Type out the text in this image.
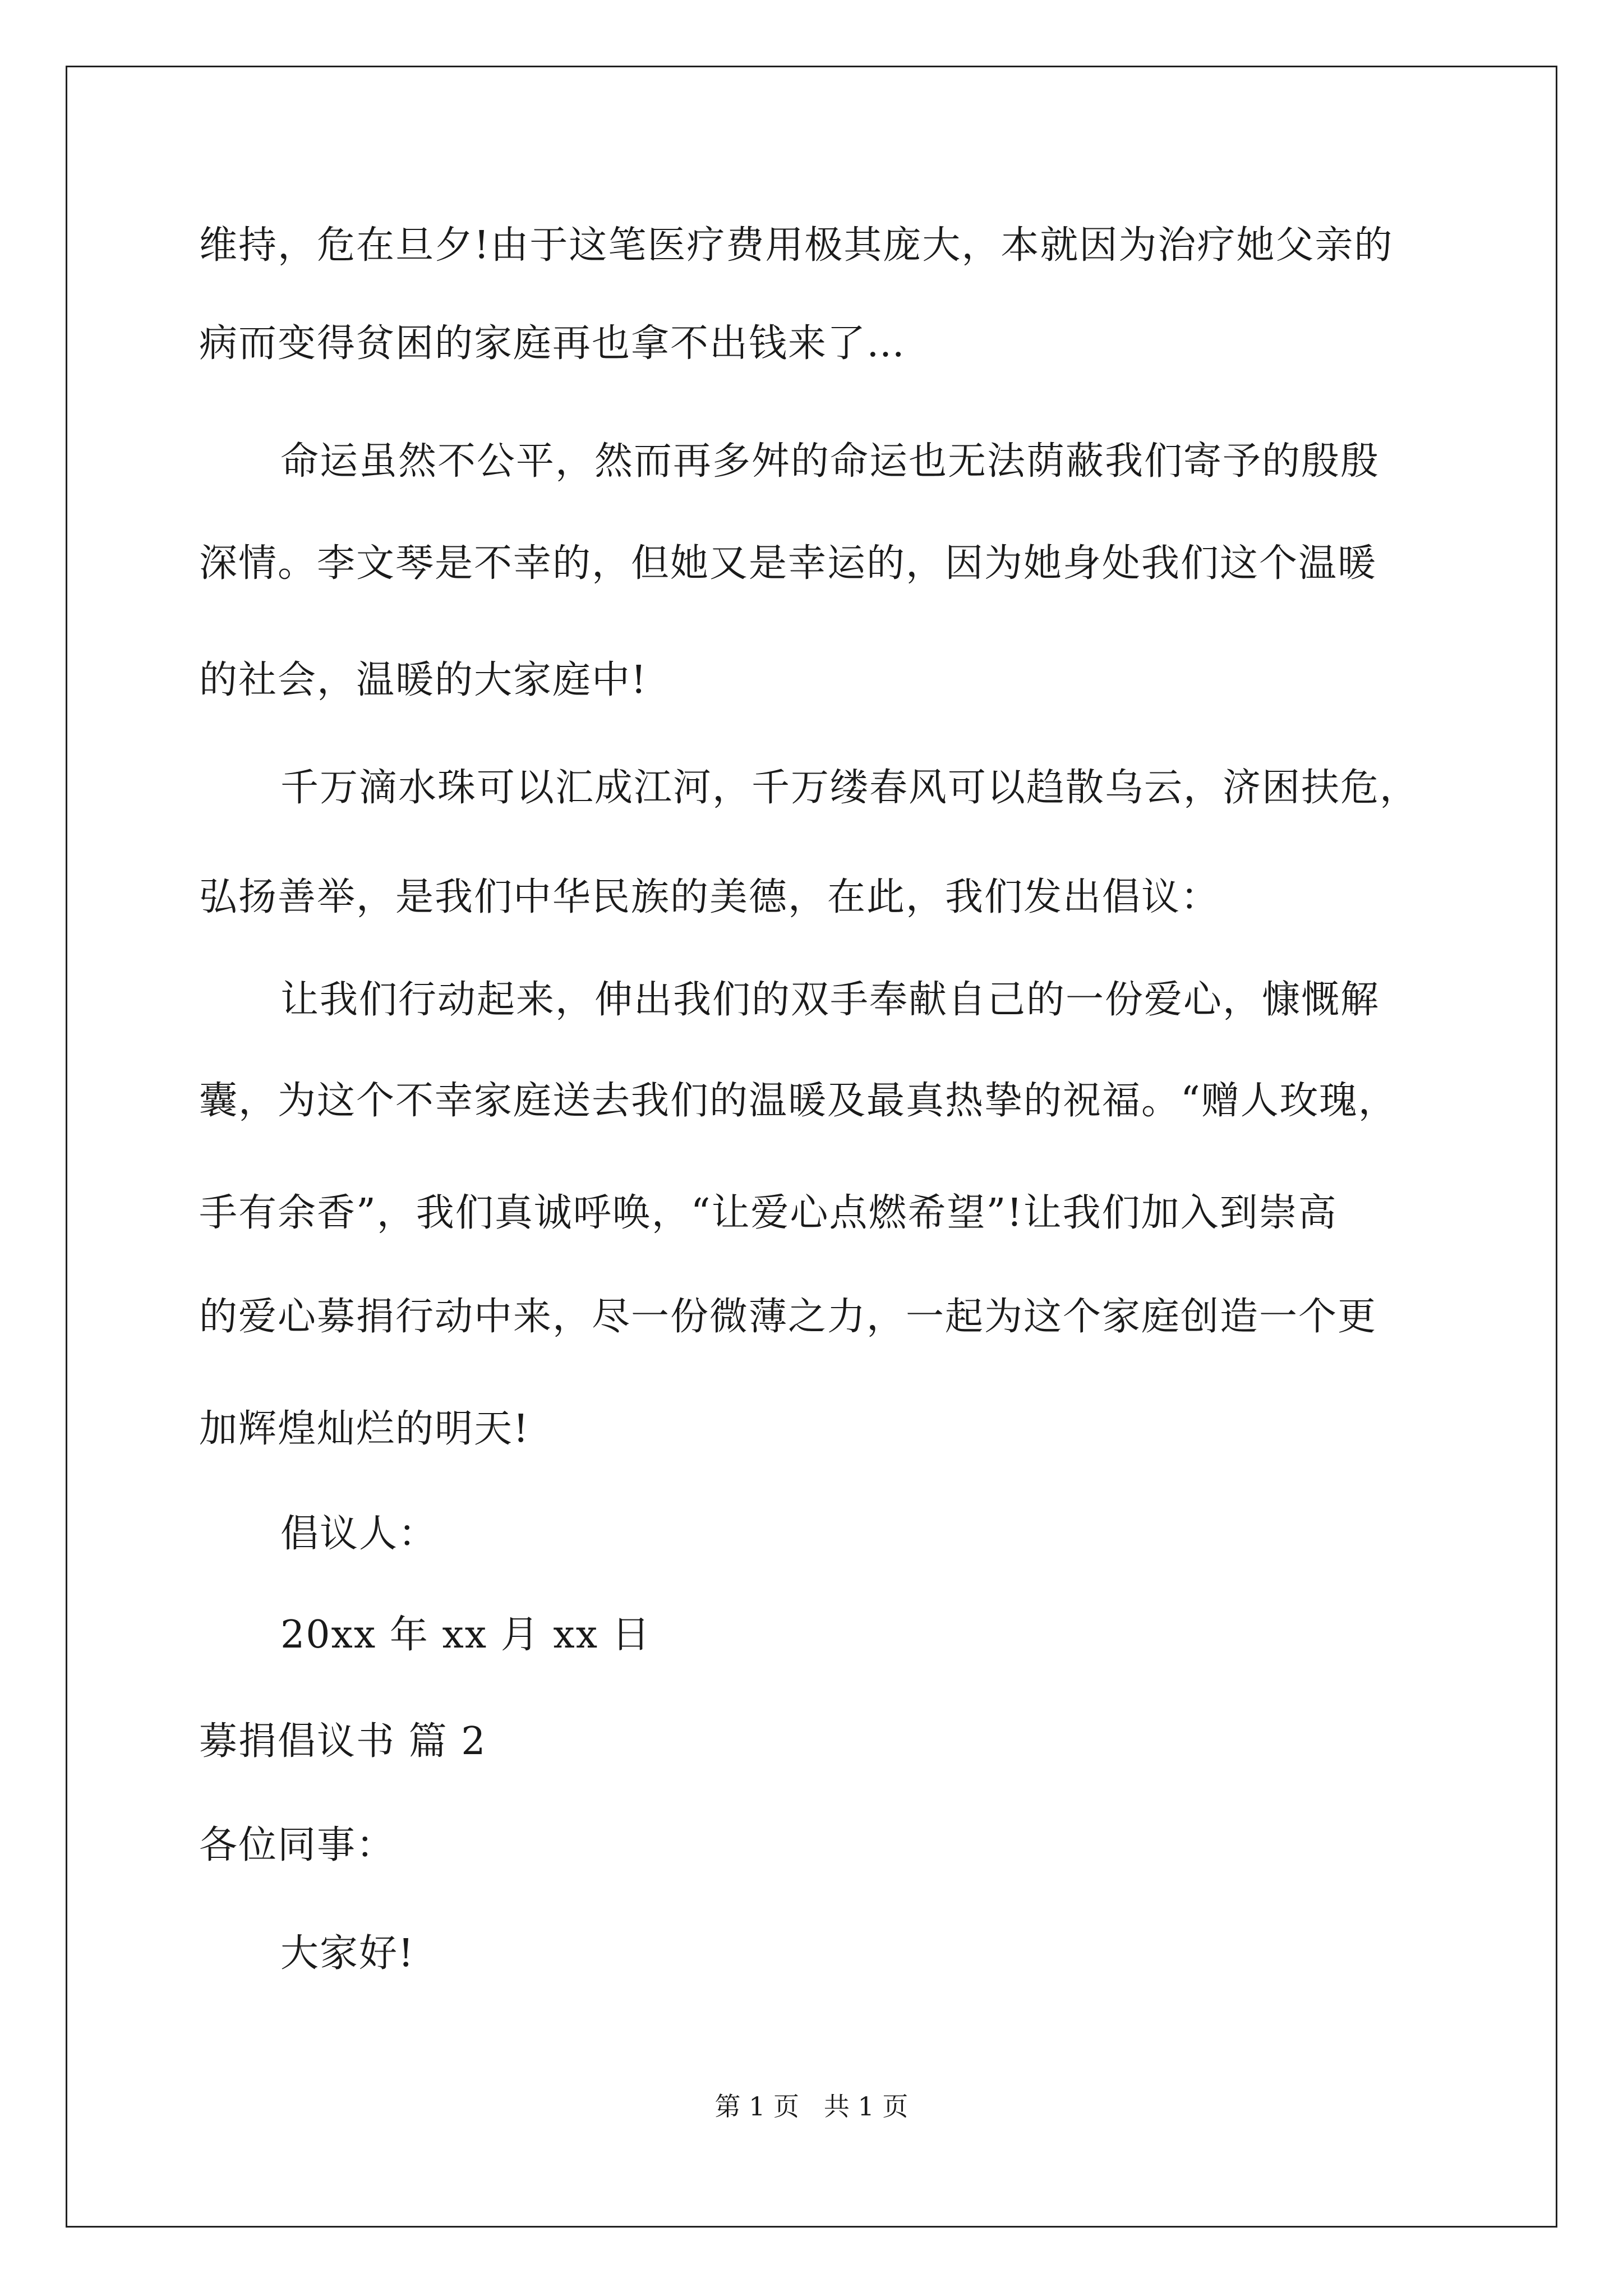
维持，危在旦夕!由于这笔医疗费用极其庞大，本就因为治疗她父亲的
病而变得贫困的家庭再也拿不出钱来了…
命运虽然不公平，然而再多舛的命运也无法荫蔽我们寄予的殷殷
深情。李文琴是不幸的，但她又是幸运的，因为她身处我们这个温暖
的社会，温暖的大家庭中!
千万滴水珠可以汇成江河，千万缕春风可以趋散乌云，济困扶危，
弘扬善举，是我们中华民族的美德，在此，我们发出倡议：
让我们行动起来，伸出我们的双手奉献自己的一份爱心，慷慨解
囊，为这个不幸家庭送去我们的温暖及最真热挚的祝福。“赠人玫瑰，
手有余香”，我们真诚呼唤，“让爱心点燃希望”!让我们加入到崇高
的爱心募捐行动中来，尽一份微薄之力，一起为这个家庭创造一个更
加辉煌灿烂的明天!
倡议人：
20xx 年 xx 月 xx 日
募捐倡议书 篇 2
各位同事：
大家好!
第 1 页   共 1 页
